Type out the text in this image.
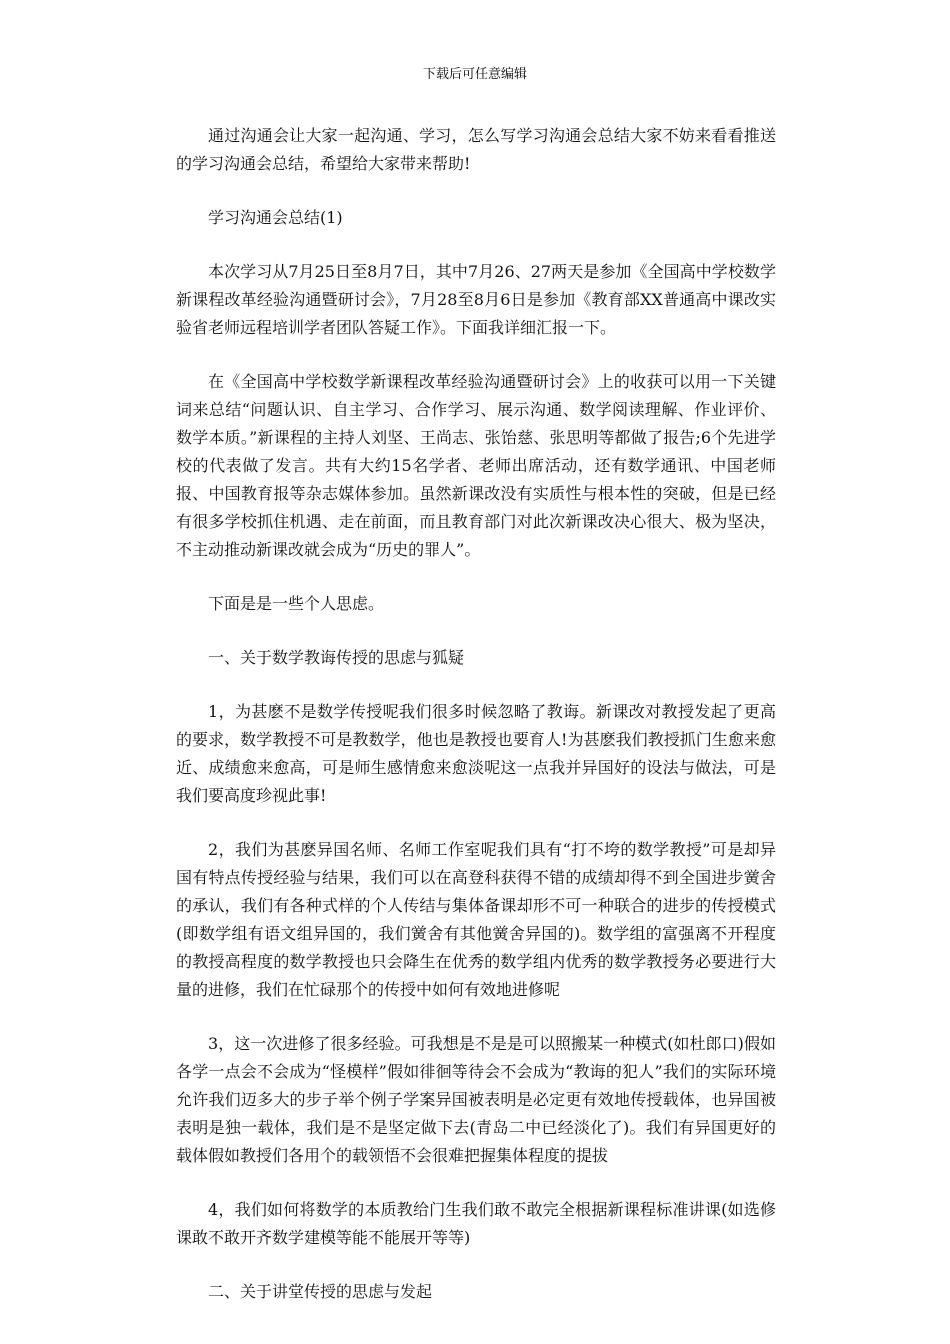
下载后可任意编辑

通过沟通会让大家一起沟通、学习，怎么写学习沟通会总结大家不妨来看看推送的学习沟通会总结，希望给大家带来帮助!

学习沟通会总结(1)

本次学习从7月25日至8月7日，其中7月26、27两天是参加《全国高中学校数学新课程改革经验沟通暨研讨会》，7月28至8月6日是参加《教育部XX普通高中课改实验省老师远程培训学者团队答疑工作》。下面我详细汇报一下。

在《全国高中学校数学新课程改革经验沟通暨研讨会》上的收获可以用一下关键词来总结“问题认识、自主学习、合作学习、展示沟通、数学阅读理解、作业评价、数学本质。”新课程的主持人刘坚、王尚志、张饴慈、张思明等都做了报告;6个先进学校的代表做了发言。共有大约15名学者、老师出席活动，还有数学通讯、中国老师报、中国教育报等杂志媒体参加。虽然新课改没有实质性与根本性的突破，但是已经有很多学校抓住机遇、走在前面，而且教育部门对此次新课改决心很大、极为坚决，不主动推动新课改就会成为“历史的罪人”。

下面是是一些个人思虑。

一、关于数学教诲传授的思虑与狐疑

1，为甚麽不是数学传授呢我们很多时候忽略了教诲。新课改对教授发起了更高的要求，数学教授不可是教数学，他也是教授也要育人!为甚麽我们教授抓门生愈来愈近、成绩愈来愈高，可是师生感情愈来愈淡呢这一点我并异国好的设法与做法，可是我们要高度珍视此事!

2，我们为甚麽异国名师、名师工作室呢我们具有“打不垮的数学教授”可是却异国有特点传授经验与结果，我们可以在高登科获得不错的成绩却得不到全国进步黉舍的承认，我们有各种式样的个人传结与集体备课却形不可一种联合的进步的传授模式(即数学组有语文组异国的，我们黉舍有其他黉舍异国的)。数学组的富强离不开程度的教授高程度的数学教授也只会降生在优秀的数学组内优秀的数学教授务必要进行大量的进修，我们在忙碌那个的传授中如何有效地进修呢

3，这一次进修了很多经验。可我想是不是是可以照搬某一种模式(如杜郎口)假如各学一点会不会成为“怪模样”假如徘徊等待会不会成为“教诲的犯人”我们的实际环境允许我们迈多大的步子举个例子学案异国被表明是必定更有效地传授载体，也异国被表明是独一载体，我们是不是坚定做下去(青岛二中已经淡化了)。我们有异国更好的载体假如教授们各用个的载领悟不会很难把握集体程度的提拔

4，我们如何将数学的本质教给门生我们敢不敢完全根据新课程标准讲课(如选修课敢不敢开齐数学建模等能不能展开等等)

二、关于讲堂传授的思虑与发起
